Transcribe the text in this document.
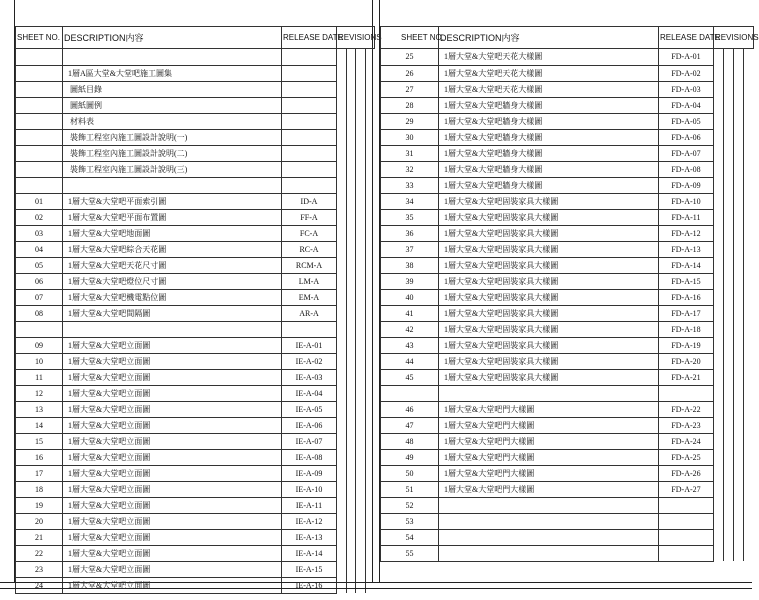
SHEET NO.	DESCRIPTION内容	RELEASE DATE	REVISIONS

	1層A區大堂&大堂吧施工圖集		

	圖紙目錄		

	圖紙圖例		

	材料表		

	裝飾工程室內施工圖設計說明(一)		

	裝飾工程室內施工圖設計說明(二)		

	裝飾工程室內施工圖設計說明(三)		

01	1層大堂&大堂吧平面索引圖	ID-A	

02	1層大堂&大堂吧平面布置圖	FF-A	

03	1層大堂&大堂吧地面圖	FC-A	

04	1層大堂&大堂吧綜合天花圖	RC-A	

05	1層大堂&大堂吧天花尺寸圖	RCM-A	

06	1層大堂&大堂吧燈位尺寸圖	LM-A	

07	1層大堂&大堂吧機電點位圖	EM-A	

08	1層大堂&大堂吧間隔圖	AR-A	

09	1層大堂&大堂吧立面圖	IE-A-01	

10	1層大堂&大堂吧立面圖	IE-A-02	

11	1層大堂&大堂吧立面圖	IE-A-03	

12	1層大堂&大堂吧立面圖	IE-A-04	

13	1層大堂&大堂吧立面圖	IE-A-05	

14	1層大堂&大堂吧立面圖	IE-A-06	

15	1層大堂&大堂吧立面圖	IE-A-07	

16	1層大堂&大堂吧立面圖	IE-A-08	

17	1層大堂&大堂吧立面圖	IE-A-09	

18	1層大堂&大堂吧立面圖	IE-A-10	

19	1層大堂&大堂吧立面圖	IE-A-11	

20	1層大堂&大堂吧立面圖	IE-A-12	

21	1層大堂&大堂吧立面圖	IE-A-13	

22	1層大堂&大堂吧立面圖	IE-A-14	

23	1層大堂&大堂吧立面圖	IE-A-15	

24	1層大堂&大堂吧立面圖	IE-A-16	
SHEET NO.	DESCRIPTION内容	RELEASE DATE	REVISIONS
25	1層大堂&大堂吧天花大樣圖	FD-A-01	

26	1層大堂&大堂吧天花大樣圖	FD-A-02	

27	1層大堂&大堂吧天花大樣圖	FD-A-03	

28	1層大堂&大堂吧牆身大樣圖	FD-A-04	

29	1層大堂&大堂吧牆身大樣圖	FD-A-05	

30	1層大堂&大堂吧牆身大樣圖	FD-A-06	

31	1層大堂&大堂吧牆身大樣圖	FD-A-07	

32	1層大堂&大堂吧牆身大樣圖	FD-A-08	

33	1層大堂&大堂吧牆身大樣圖	FD-A-09	

34	1層大堂&大堂吧固裝家具大樣圖	FD-A-10	

35	1層大堂&大堂吧固裝家具大樣圖	FD-A-11	

36	1層大堂&大堂吧固裝家具大樣圖	FD-A-12	

37	1層大堂&大堂吧固裝家具大樣圖	FD-A-13	

38	1層大堂&大堂吧固裝家具大樣圖	FD-A-14	

39	1層大堂&大堂吧固裝家具大樣圖	FD-A-15	

40	1層大堂&大堂吧固裝家具大樣圖	FD-A-16	

41	1層大堂&大堂吧固裝家具大樣圖	FD-A-17	

42	1層大堂&大堂吧固裝家具大樣圖	FD-A-18	

43	1層大堂&大堂吧固裝家具大樣圖	FD-A-19	

44	1層大堂&大堂吧固裝家具大樣圖	FD-A-20	

45	1層大堂&大堂吧固裝家具大樣圖	FD-A-21	

46	1層大堂&大堂吧門大樣圖	FD-A-22	

47	1層大堂&大堂吧門大樣圖	FD-A-23	

48	1層大堂&大堂吧門大樣圖	FD-A-24	

49	1層大堂&大堂吧門大樣圖	FD-A-25	

50	1層大堂&大堂吧門大樣圖	FD-A-26	

51	1層大堂&大堂吧門大樣圖	FD-A-27	

52			

53			

54			

55			
